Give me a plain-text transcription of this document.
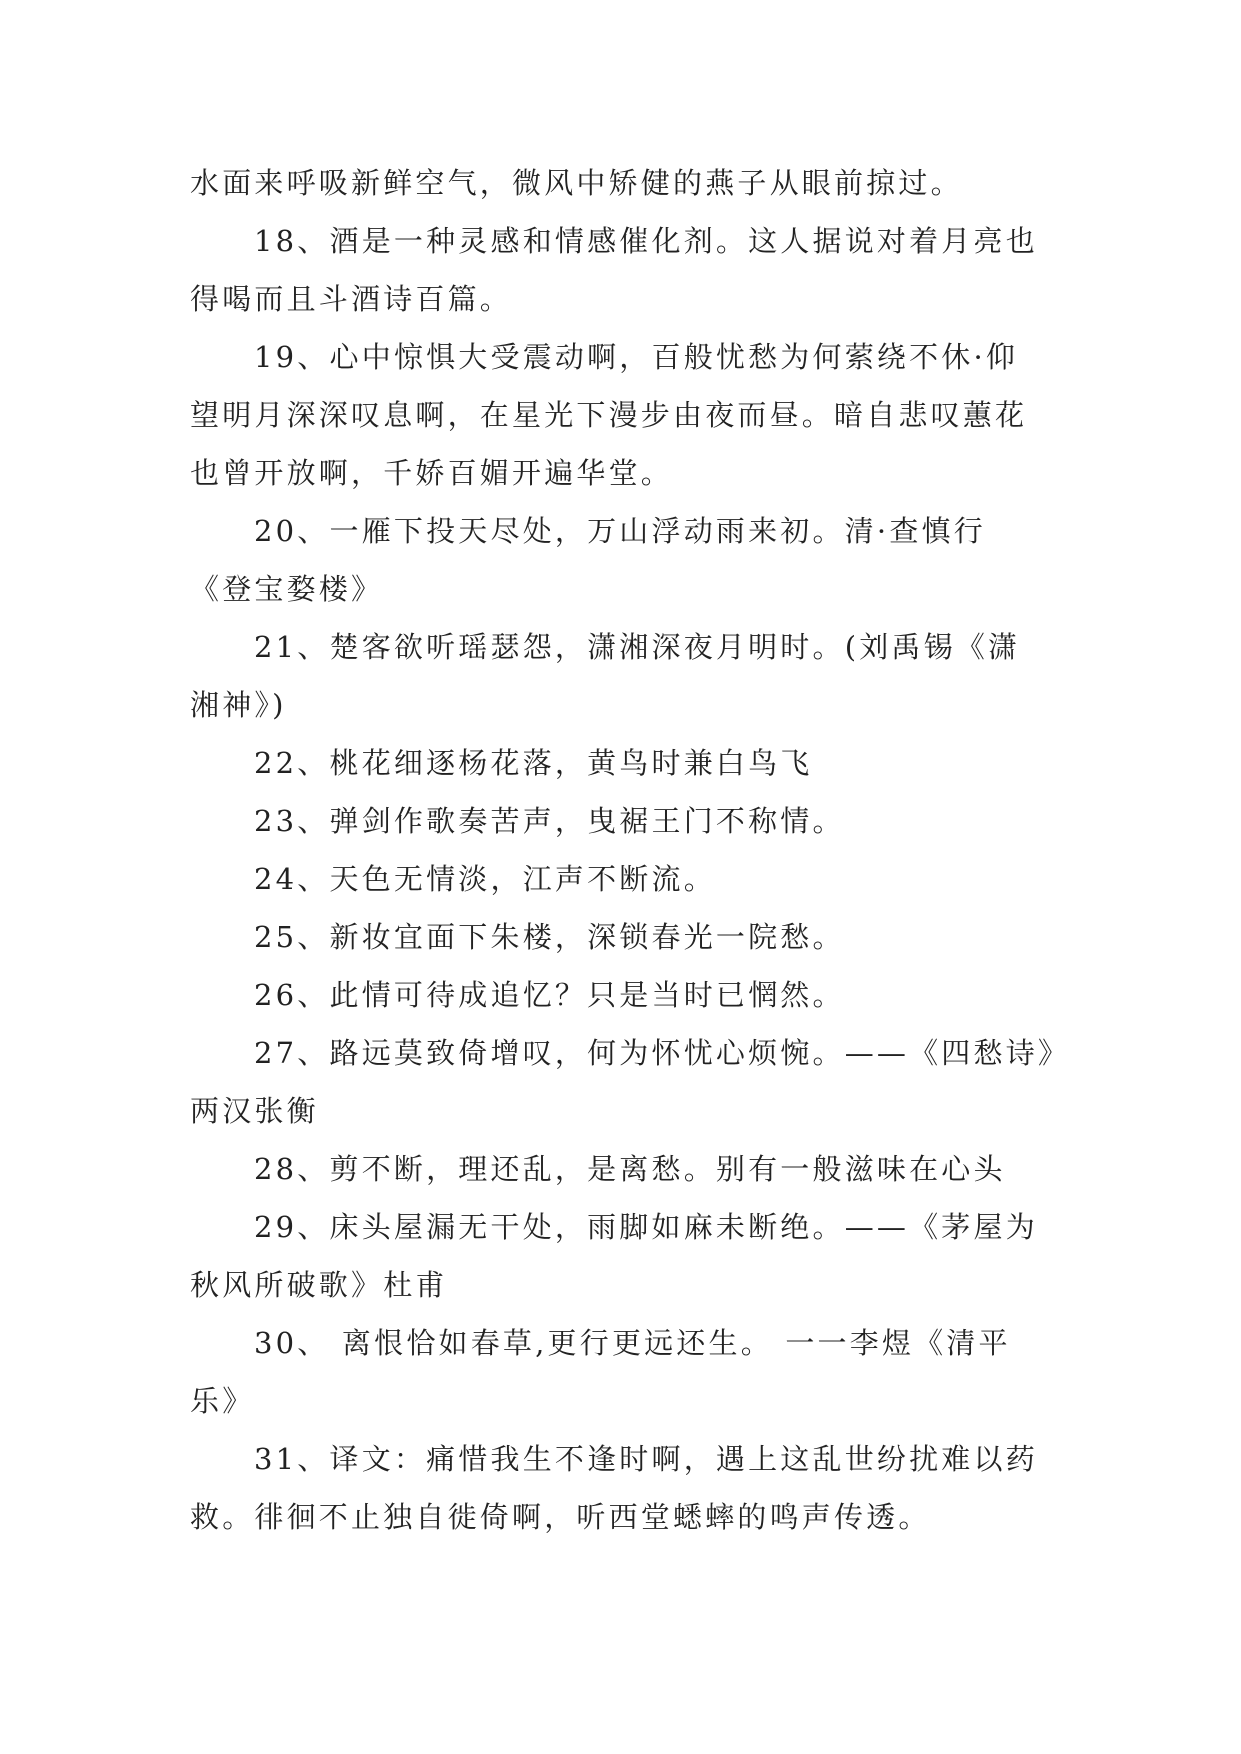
水面来呼吸新鲜空气，微风中矫健的燕子从眼前掠过。

18、酒是一种灵感和情感催化剂。这人据说对着月亮也

得喝而且斗酒诗百篇。

19、心中惊惧大受震动啊，百般忧愁为何萦绕不休·仰

望明月深深叹息啊，在星光下漫步由夜而昼。暗自悲叹蕙花

也曾开放啊，千娇百媚开遍华堂。

20、一雁下投天尽处，万山浮动雨来初。清·查慎行

《登宝婺楼》

21、楚客欲听瑶瑟怨，潇湘深夜月明时。(刘禹锡《潇

湘神》)

22、桃花细逐杨花落，黄鸟时兼白鸟飞

23、弹剑作歌奏苦声，曳裾王门不称情。

24、天色无情淡，江声不断流。

25、新妆宜面下朱楼，深锁春光一院愁。

26、此情可待成追忆？只是当时已惘然。

27、路远莫致倚增叹，何为怀忧心烦惋。——《四愁诗》

两汉张衡

28、剪不断，理还乱，是离愁。别有一般滋味在心头

29、床头屋漏无干处，雨脚如麻未断绝。——《茅屋为

秋风所破歌》杜甫

30、 离恨恰如春草,更行更远还生。 一一李煜《清平

乐》

31、译文：痛惜我生不逢时啊，遇上这乱世纷扰难以药

救。徘徊不止独自徙倚啊，听西堂蟋蟀的鸣声传透。
